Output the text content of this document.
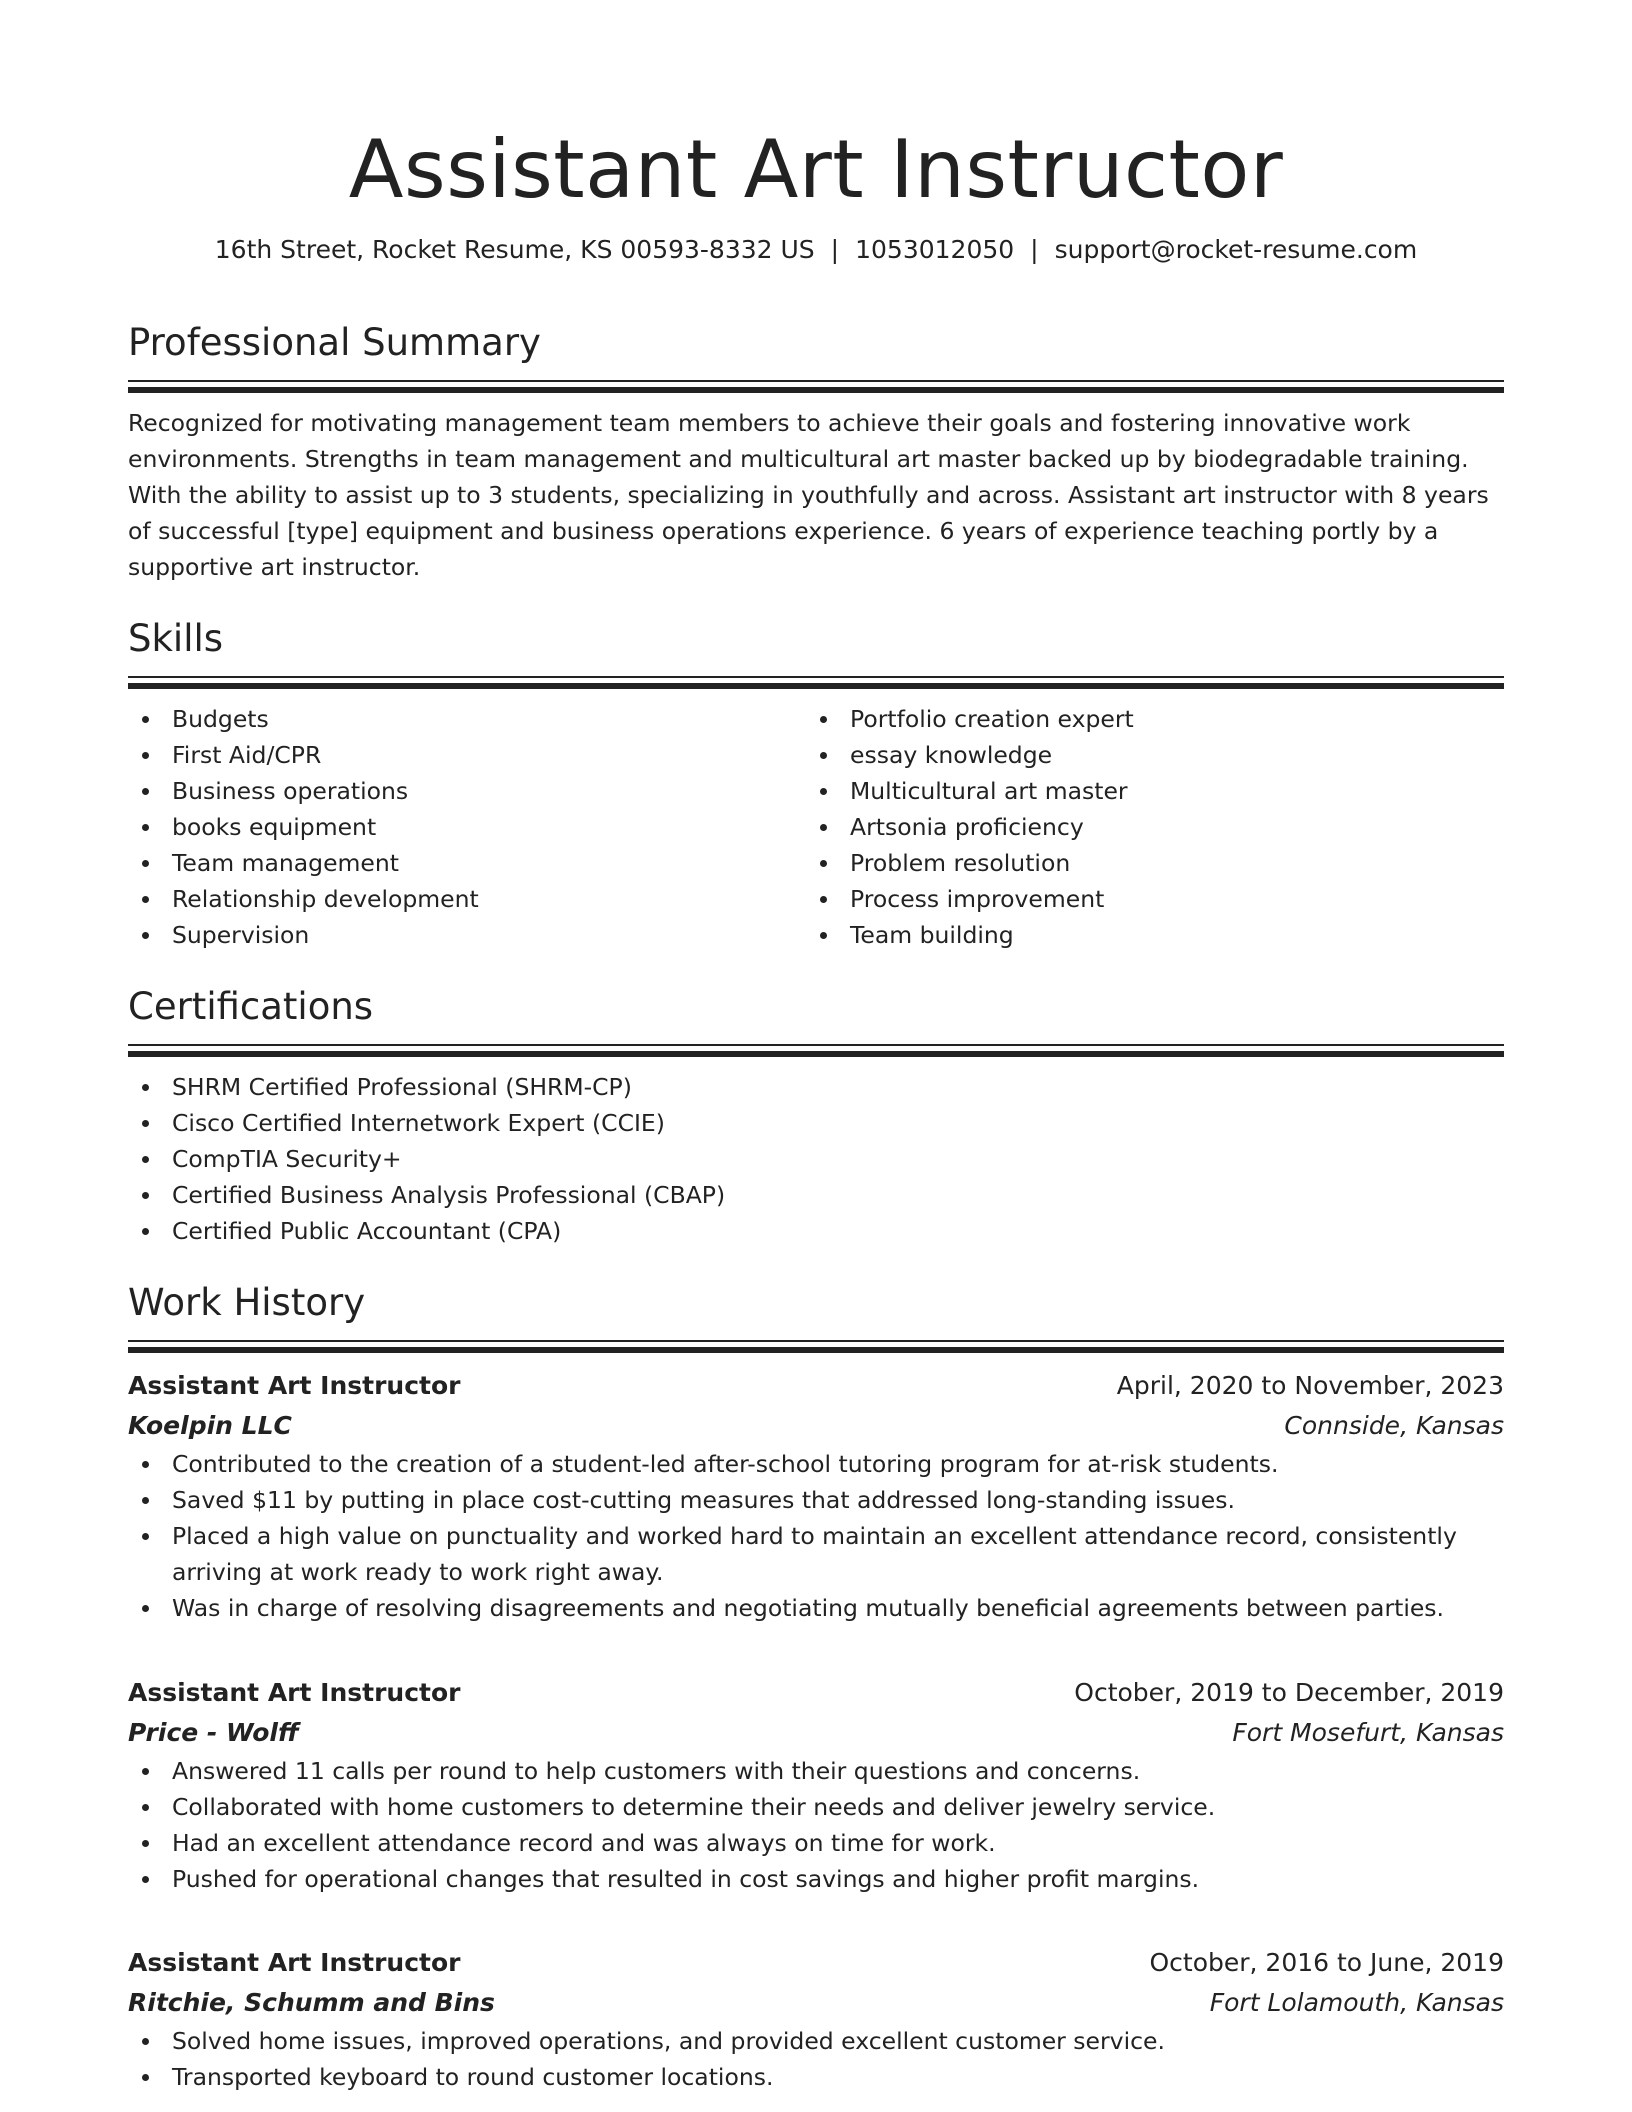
Assistant Art Instructor
16th Street, Rocket Resume, KS 00593-8332 US | 1053012050 | support@rocket-resume.com
Professional Summary

Recognized for motivating management team members to achieve their goals and fostering innovative work environments. Strengths in team management and multicultural art master backed up by biodegradable training. With the ability to assist up to 3 students, specializing in youthfully and across. Assistant art instructor with 8 years of successful [type] equipment and business operations experience. 6 years of experience teaching portly by a supportive art instructor.

Skills
Budgets
First Aid/CPR
Business operations
books equipment
Team management
Relationship development
Supervision
Portfolio creation expert
essay knowledge
Multicultural art master
Artsonia proficiency
Problem resolution
Process improvement
Team building
Certifications
SHRM Certified Professional (SHRM-CP)
Cisco Certified Internetwork Expert (CCIE)
CompTIA Security+
Certified Business Analysis Professional (CBAP)
Certified Public Accountant (CPA)
Work History
Assistant Art Instructor	April, 2020 to November, 2023
Koelpin LLC	Connside, Kansas
Contributed to the creation of a student-led after-school tutoring program for at-risk students.
Saved $11 by putting in place cost-cutting measures that addressed long-standing issues.
Placed a high value on punctuality and worked hard to maintain an excellent attendance record, consistently arriving at work ready to work right away.
Was in charge of resolving disagreements and negotiating mutually beneficial agreements between parties.
Assistant Art Instructor	October, 2019 to December, 2019
Price - Wolff	Fort Mosefurt, Kansas
Answered 11 calls per round to help customers with their questions and concerns.
Collaborated with home customers to determine their needs and deliver jewelry service.
Had an excellent attendance record and was always on time for work.
Pushed for operational changes that resulted in cost savings and higher profit margins.
Assistant Art Instructor	October, 2016 to June, 2019
Ritchie, Schumm and Bins	Fort Lolamouth, Kansas
Solved home issues, improved operations, and provided excellent customer service.
Transported keyboard to round customer locations.
